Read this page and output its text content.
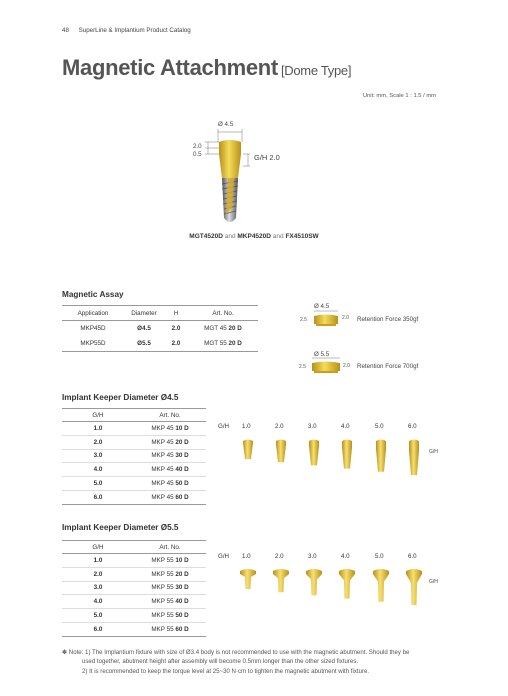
48 SuperLine & Implantium Product Catalog
Magnetic Attachment [Dome Type]
Unit: mm, Scale 1 : 1.5 / mm
Ø 4.5
2.0
0.5	G/H 2.0
MGT4520D and MKP4520D and FX4510SW
Magnetic Assay
Application	Diameter	H	Art. No.
MKP45D	Ø4.5	2.0	MGT 45 20 D
MKP55D	Ø5.5	2.0	MGT 55 20 D
Ø 4.5
2.5	2.0 Retention Force 350gf
Ø 5.5
2.5	2.0 Retention Force 700gf
Implant Keeper Diameter Ø4.5
G/H	Art. No.
1.0	MKP 45 10 D
2.0	MKP 45 20 D
3.0	MKP 45 30 D
4.0	MKP 45 40 D
5.0	MKP 45 50 D
6.0	MKP 45 60 D
G/H 1.0	2.0	3.0	4.0	5.0	6.0
G/H
Implant Keeper Diameter Ø5.5
G/H	Art. No.
1.0	MKP 55 10 D
2.0	MKP 55 20 D
3.0	MKP 55 30 D
4.0	MKP 55 40 D
5.0	MKP 55 50 D
6.0	MKP 55 60 D
G/H 1.0	2.0	3.0	4.0	5.0	6.0
G/H
✽ Note: 1) The Implantium fixture with size of Ø3.4 body is not recommended to use with the magnetic abutment. Should they be
used together, abutment height after assembly will become 0.5mm longer than the other sized fixtures.
2) It is recommended to keep the torque level at 25~30 N·cm to tighten the magnetic abutment with fixture.
